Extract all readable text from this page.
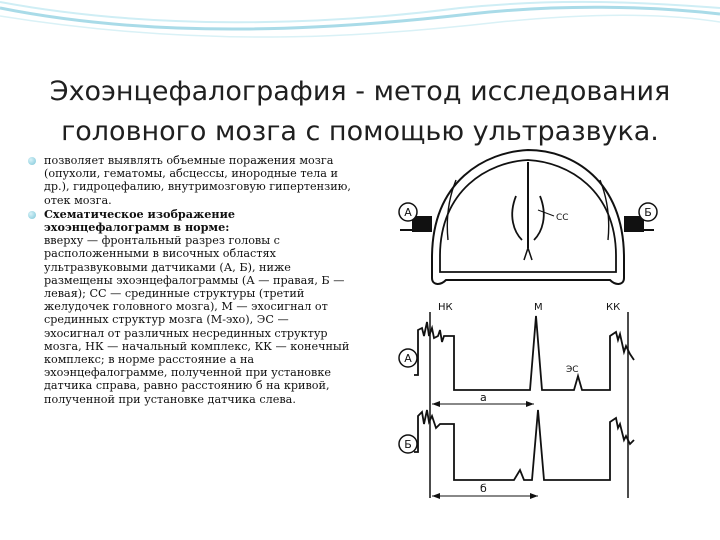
Эхоэнцефалография - метод исследования
головного мозга с помощью ультразвука.
позволяет выявлять объемные поражения мозга (опухоли, гематомы, абсцессы, инородные тела и др.), гидроцефалию, внутримозговую гипертензию, отек мозга.
Схематическое изображение эхоэнцефалограмм в норме:
вверху — фронтальный разрез головы с расположенными в височных областях ультразвуковыми датчиками (А, Б), ниже размещены эхоэнцефалограммы (А — правая, Б — левая); СС — срединные структуры (третий желудочек головного мозга), М — эхосигнал от срединных структур мозга (М-эхо), ЭС — эхосигнал от различных несрединных структур мозга, НК — начальный комплекс, КК — конечный комплекс; в норме расстояние а на эхоэнцефалограмме, полученной при установке датчика справа, равно расстоянию б на кривой, полученной при установке датчика слева.
А	Б
СС
НК	М	КК
А
ЭС
а
Б
б
